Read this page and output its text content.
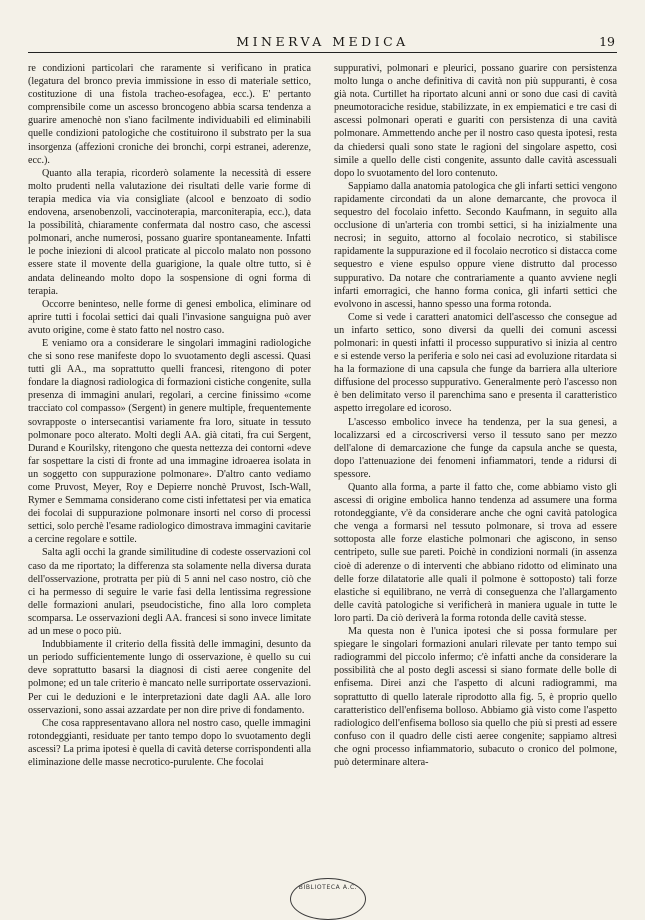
MINERVA MEDICA	19

re condizioni particolari che raramente si verificano in pratica (legatura del bronco previa immissione in esso di materiale settico, costituzione di una fistola tracheo-esofagea, ecc.). E' pertanto comprensibile come un ascesso broncogeno abbia scarsa tendenza a guarire amenochè non s'iano facilmente individuabili ed eliminabili quelle condizioni patologiche che costituirono il substrato per la sua insorgenza (affezioni croniche dei bronchi, corpi estranei, aderenze, ecc.).

Quanto alla terapia, ricorderò solamente la necessità di essere molto prudenti nella valutazione dei risultati delle varie forme di terapia medica via via consigliate (alcool e benzoato di sodio endovena, arsenobenzoli, vaccinoterapia, marconiterapia, ecc.), data la possibilità, chiaramente confermata dal nostro caso, che ascessi polmonari, anche numerosi, possano guarire spontaneamente. Infatti le poche iniezioni di alcool praticate al piccolo malato non possono essere state il movente della guarigione, la quale oltre tutto, si è andata delineando molto dopo la sospensione di ogni forma di terapia.

Occorre beninteso, nelle forme di genesi embolica, eliminare od aprire tutti i focolai settici dai quali l'invasione sanguigna può aver avuto origine, come è stato fatto nel nostro caso.

E veniamo ora a considerare le singolari immagini radiologiche che si sono rese manifeste dopo lo svuotamento degli ascessi. Quasi tutti gli AA., ma soprattutto quelli francesi, ritengono di poter fondare la diagnosi radiologica di formazioni cistiche congenite, sulla presenza di immagini anulari, regolari, a cercine finissimo «come tracciato col compasso» (Sergent) in genere multiple, frequentemente sovrapposte o intersecantisi variamente fra loro, situate in tessuto polmonare poco alterato. Molti degli AA. già citati, fra cui Sergent, Durand e Kourilsky, ritengono che questa nettezza dei contorni «deve far sospettare la cisti di fronte ad una immagine idroaerea isolata in un soggetto con suppurazione polmonare». D'altro canto vediamo come Pruvost, Meyer, Roy e Depierre nonchè Pruvost, Isch-Wall, Rymer e Semmama considerano come cisti infettatesi per via ematica dei focolai di suppurazione polmonare insorti nel corso di processi settici, solo perchè l'esame radiologico dimostrava immagini cavitarie a cercine regolare e sottile.

Salta agli occhi la grande similitudine di codeste osservazioni col caso da me riportato; la differenza sta solamente nella diversa durata dell'osservazione, protratta per più di 5 anni nel caso nostro, ciò che ci ha permesso di seguire le varie fasi della lentissima regressione delle formazioni anulari, pseudocistiche, fino alla loro completa scomparsa. Le osservazioni degli AA. francesi si sono invece limitate ad un mese o poco più.

Indubbiamente il criterio della fissità delle immagini, desunto da un periodo sufficientemente lungo di osservazione, è quello su cui deve soprattutto basarsi la diagnosi di cisti aeree congenite del polmone; ed un tale criterio è mancato nelle surriportate osservazioni. Per cui le deduzioni e le interpretazioni date dagli AA. alle loro osservazioni, sono assai azzardate per non dire prive di fondamento.

Che cosa rappresentavano allora nel nostro caso, quelle immagini rotondeggianti, residuate per tanto tempo dopo lo svuotamento degli ascessi? La prima ipotesi è quella di cavità deterse corrispondenti alla eliminazione delle masse necrotico-purulente. Che focolai

suppurativi, polmonari e pleurici, possano guarire con persistenza molto lunga o anche definitiva di cavità non più suppuranti, è cosa già nota. Curtillet ha riportato alcuni anni or sono due casi di cavità pneumotoraciche residue, stabilizzate, in ex empiematici e tre casi di ascessi polmonari operati e guariti con persistenza di una cavità polmonare. Ammettendo anche per il nostro caso questa ipotesi, resta da chiedersi quali sono state le ragioni del singolare aspetto, così simile a quello delle cisti congenite, assunto dalle cavità ascessuali dopo lo svuotamento del loro contenuto.

Sappiamo dalla anatomia patologica che gli infarti settici vengono rapidamente circondati da un alone demarcante, che provoca il sequestro del focolaio infetto. Secondo Kaufmann, in seguito alla occlusione di un'arteria con trombi settici, si ha inizialmente una necrosi; in seguito, attorno al focolaio necrotico, si stabilisce rapidamente la suppurazione ed il focolaio necrotico si distacca come sequestro e viene espulso oppure viene distrutto dal processo suppurativo. Da notare che contrariamente a quanto avviene negli infarti emorragici, che hanno forma conica, gli infarti settici che evolvono in ascessi, hanno spesso una forma rotonda.

Come si vede i caratteri anatomici dell'ascesso che consegue ad un infarto settico, sono diversi da quelli dei comuni ascessi polmonari: in questi infatti il processo suppurativo si inizia al centro e si estende verso la periferia e solo nei casi ad evoluzione ritardata si ha la formazione di una capsula che funge da barriera alla ulteriore diffusione del processo suppurativo. Generalmente però l'ascesso non è ben delimitato verso il parenchima sano e presenta il caratteristico aspetto irregolare ed icoroso.

L'ascesso embolico invece ha tendenza, per la sua genesi, a localizzarsi ed a circoscriversi verso il tessuto sano per mezzo dell'alone di demarcazione che funge da capsula anche se questa, dopo l'attenuazione dei fenomeni infiammatori, tende a ridursi di spessore.

Quanto alla forma, a parte il fatto che, come abbiamo visto gli ascessi di origine embolica hanno tendenza ad assumere una forma rotondeggiante, v'è da considerare anche che ogni cavità patologica che venga a formarsi nel tessuto polmonare, si trova ad essere sottoposta alle forze elastiche polmonari che agiscono, in senso centripeto, sulle sue pareti. Poichè in condizioni normali (in assenza cioè di aderenze o di interventi che abbiano ridotto od eliminato una delle forze dilatatorie alle quali il polmone è sottoposto) tali forze elastiche si equilibrano, ne verrà di conseguenza che l'allargamento delle cavità patologiche si verificherà in maniera uguale in tutte le loro parti. Da ciò deriverà la forma rotonda delle cavità stesse.

Ma questa non è l'unica ipotesi che si possa formulare per spiegare le singolari formazioni anulari rilevate per tanto tempo sui radiogrammi del piccolo infermo; c'è infatti anche da considerare la possibilità che al posto degli ascessi si siano formate delle bolle di enfisema. Direi anzi che l'aspetto di alcuni radiogrammi, ma soprattutto di quello laterale riprodotto alla fig. 5, è proprio quello caratteristico dell'enfisema bolloso. Abbiamo già visto come l'aspetto radiologico dell'enfisema bolloso sia quello che più si presti ad essere confuso con il quadro delle cisti aeree congenite; sappiamo altresì che ogni processo infiammatorio, subacuto o cronico del polmone, può determinare altera-

BIBLIOTECA A.C.
